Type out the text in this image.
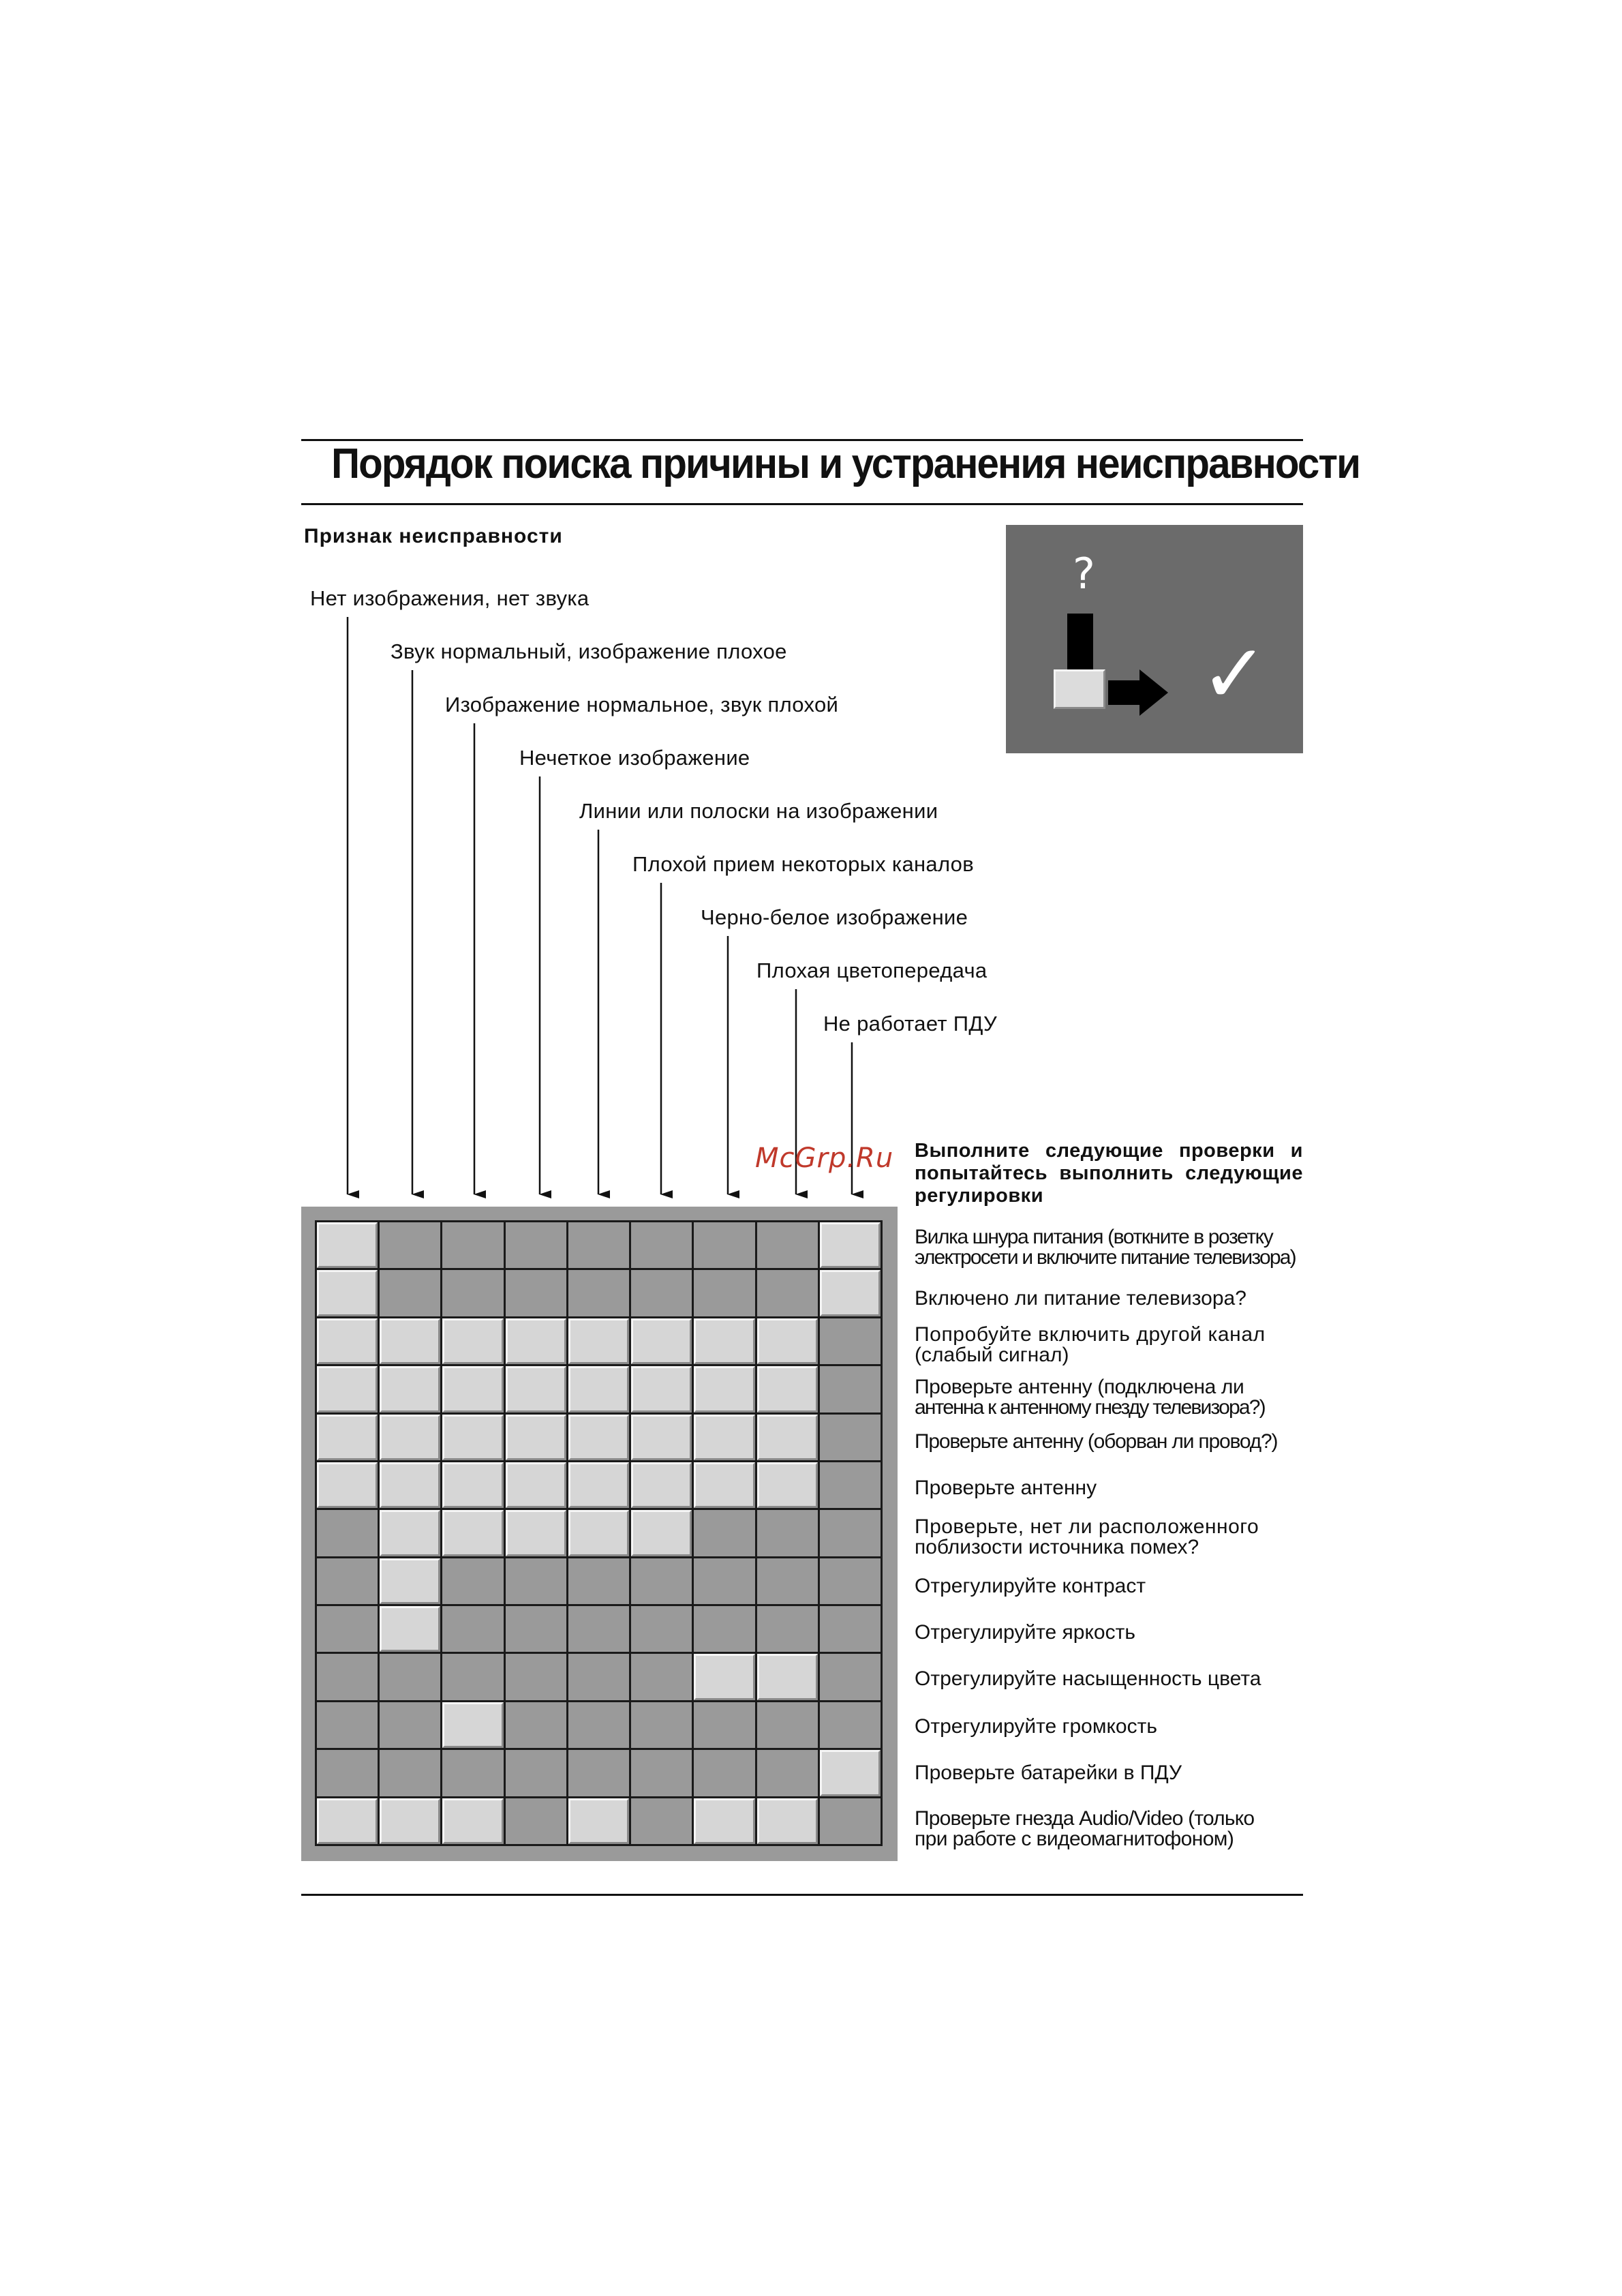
Порядок поиска причины и устранения неисправности
Признак неисправности
?
✓
Нет изображения, нет звука
Звук нормальный, изображение плохое
Изображение нормальное, звук плохой
Нечеткое изображение
Линии или полоски на изображении
Плохой прием некоторых каналов
Черно-белое изображение
Плохая цветопередача
Не работает ПДУ
McGrp.Ru Выполните следующие проверки и попытайтесь выполнить следующие регулировки
Вилка шнура питания (воткните в розетку
электросети и включите питание телевизора)
Включено ли питание телевизора?
Попробуйте включить другой канал
(слабый сигнал)
Проверьте антенну (подключена ли
антенна к антенному гнезду телевизора?)
Проверьте антенну (оборван ли провод?)
Проверьте антенну
Проверьте, нет ли расположенного
поблизости источника помех?
Отрегулируйте контраст
Отрегулируйте яркость
Отрегулируйте насыщенность цвета
Отрегулируйте громкость
Проверьте батарейки в ПДУ
Проверьте гнезда Audio/Video (только
при работе с видеомагнитофоном)
